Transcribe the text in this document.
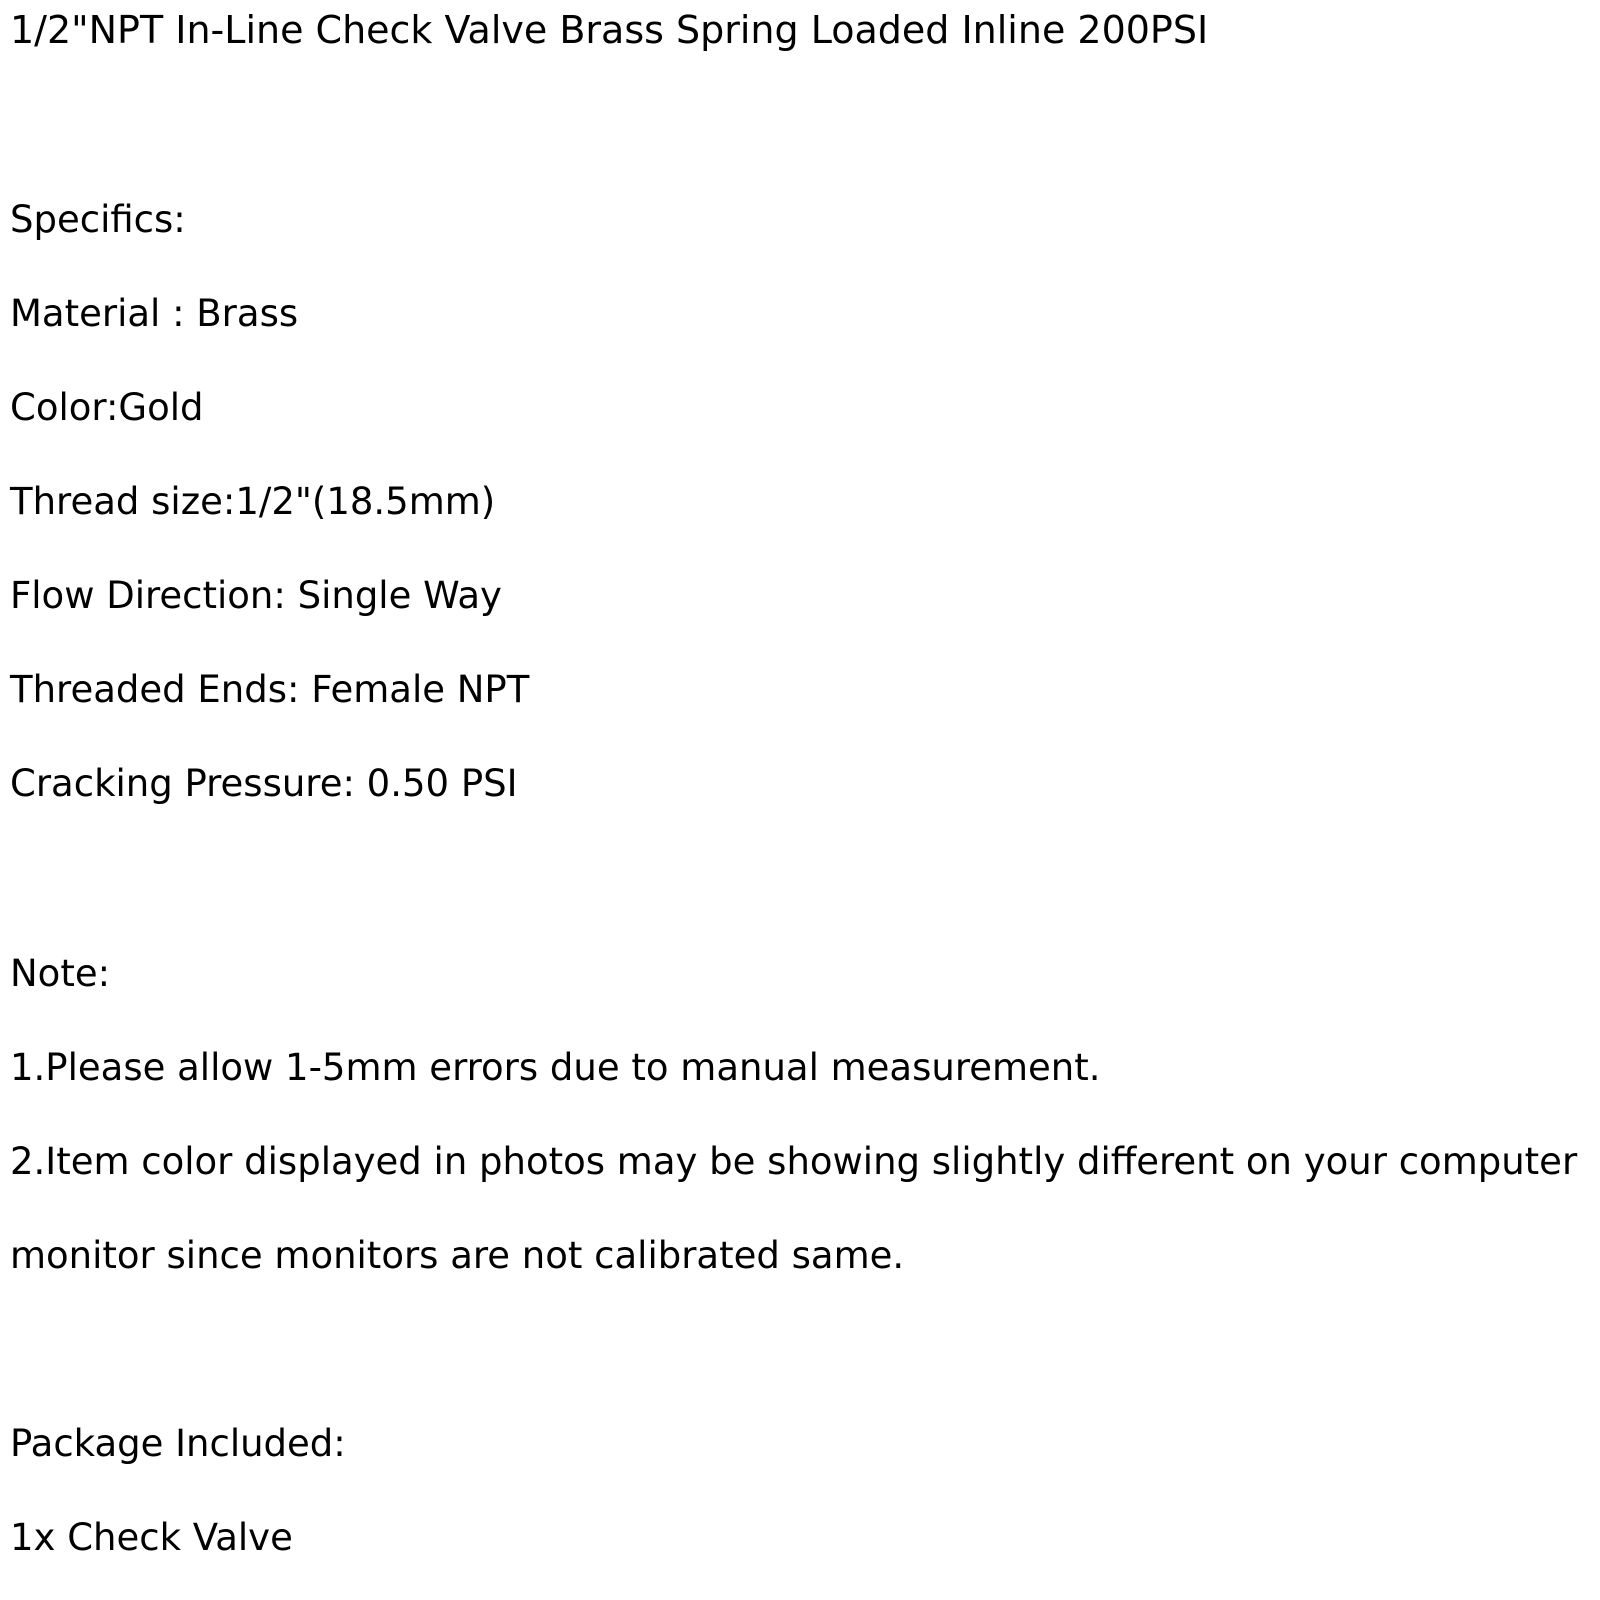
1/2"NPT In-Line Check Valve Brass Spring Loaded Inline 200PSI
Specifics:
Material : Brass
Color:Gold
Thread size:1/2"(18.5mm)
Flow Direction: Single Way
Threaded Ends: Female NPT
Cracking Pressure: 0.50 PSI
Note:
1.Please allow 1-5mm errors due to manual measurement.
2.Item color displayed in photos may be showing slightly different on your computer
monitor since monitors are not calibrated same.
Package Included:
1x Check Valve
